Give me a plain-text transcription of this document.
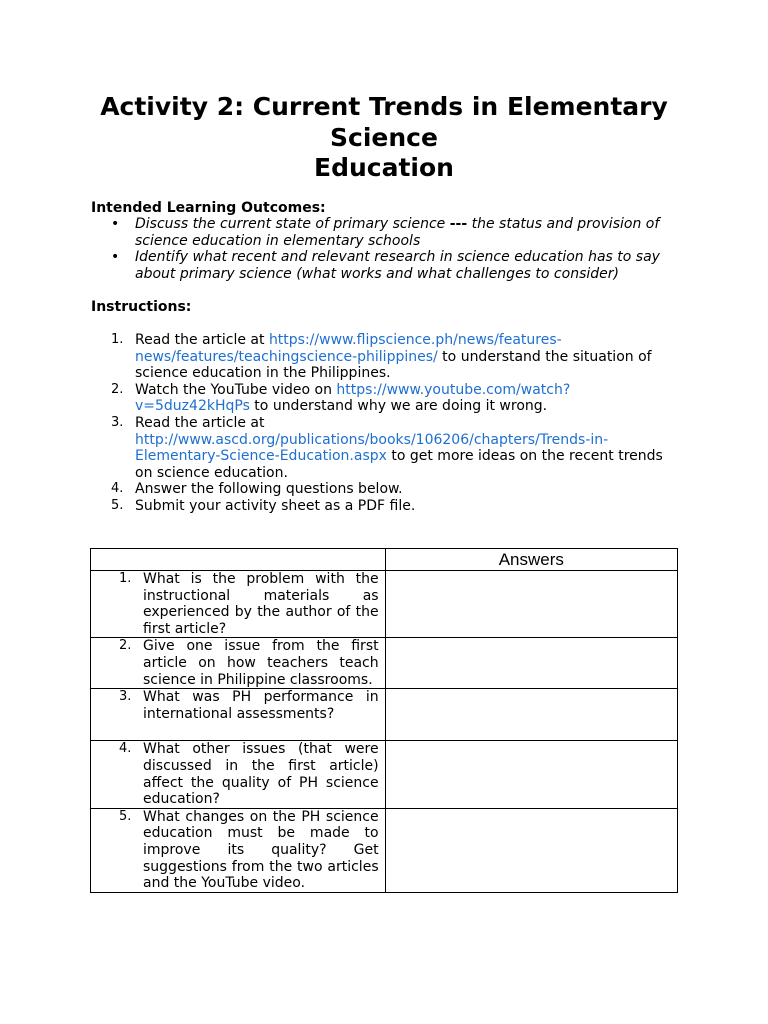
Activity 2: Current Trends in Elementary
Science
Education

Intended Learning Outcomes:

• Discuss the current state of primary science --- the status and provision of science education in elementary schools
• Identify what recent and relevant research in science education has to say about primary science (what works and what challenges to consider)

Instructions:

1. Read the article at https://www.flipscience.ph/news/features-news/features/teachingscience-philippines/ to understand the situation of science education in the Philippines.
2. Watch the YouTube video on https://www.youtube.com/watch?v=5duz42kHqPs to understand why we are doing it wrong.
3. Read the article at http://www.ascd.org/publications/books/106206/chapters/Trends-in-Elementary-Science-Education.aspx to get more ideas on the recent trends on science education.
4. Answer the following questions below.
5. Submit your activity sheet as a PDF file.
	Answers

1. What is the problem with the instructional materials as experienced by the author of the first article?	

2. Give one issue from the first article on how teachers teach science in Philippine classrooms.	

3. What was PH performance in international assessments?	

4. What other issues (that were discussed in the first article) affect the quality of PH science education?	

5. What changes on the PH science education must be made to improve its quality? Get suggestions from the two articles and the YouTube video.	
